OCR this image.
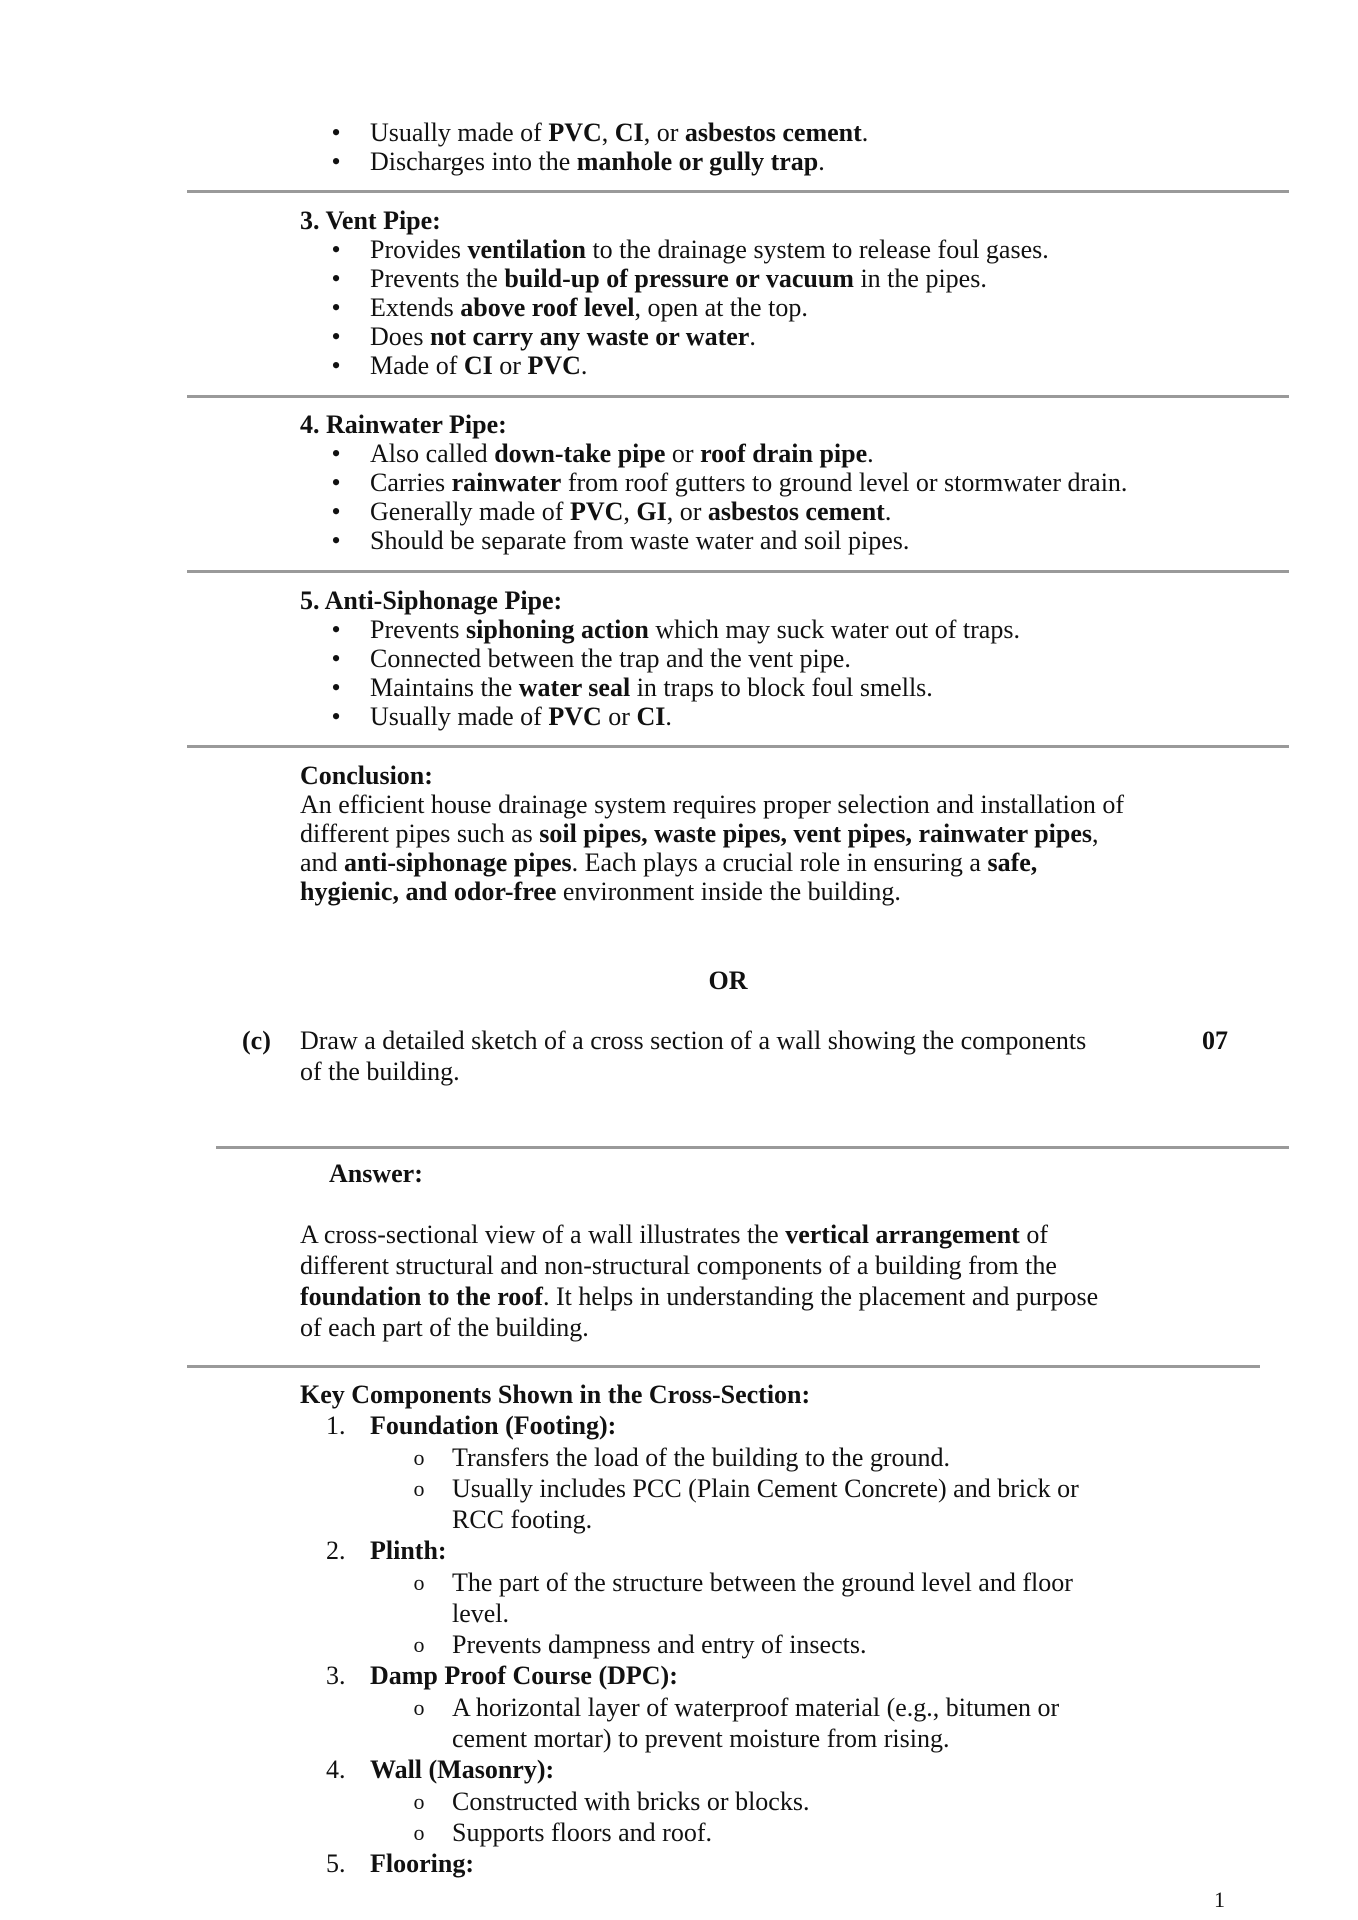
• Usually made of PVC, CI, or asbestos cement.
• Discharges into the manhole or gully trap.
3. Vent Pipe:
• Provides ventilation to the drainage system to release foul gases.
• Prevents the build-up of pressure or vacuum in the pipes.
• Extends above roof level, open at the top.
• Does not carry any waste or water.
• Made of CI or PVC.
4. Rainwater Pipe:
• Also called down-take pipe or roof drain pipe.
• Carries rainwater from roof gutters to ground level or stormwater drain.
• Generally made of PVC, GI, or asbestos cement.
• Should be separate from waste water and soil pipes.
5. Anti-Siphonage Pipe:
• Prevents siphoning action which may suck water out of traps.
• Connected between the trap and the vent pipe.
• Maintains the water seal in traps to block foul smells.
• Usually made of PVC or CI.
Conclusion:
An efficient house drainage system requires proper selection and installation of
different pipes such as soil pipes, waste pipes, vent pipes, rainwater pipes,
and anti-siphonage pipes. Each plays a crucial role in ensuring a safe,
hygienic, and odor-free environment inside the building.
OR
(c) Draw a detailed sketch of a cross section of a wall showing the components
of the building.
07
Answer:
A cross-sectional view of a wall illustrates the vertical arrangement of
different structural and non-structural components of a building from the
foundation to the roof. It helps in understanding the placement and purpose
of each part of the building.
Key Components Shown in the Cross-Section:
1. Foundation (Footing):
o Transfers the load of the building to the ground.
o Usually includes PCC (Plain Cement Concrete) and brick or
RCC footing.
2. Plinth:
o The part of the structure between the ground level and floor
level.
o Prevents dampness and entry of insects.
3. Damp Proof Course (DPC):
o A horizontal layer of waterproof material (e.g., bitumen or
cement mortar) to prevent moisture from rising.
4. Wall (Masonry):
o Constructed with bricks or blocks.
o Supports floors and roof.
5. Flooring:
1
